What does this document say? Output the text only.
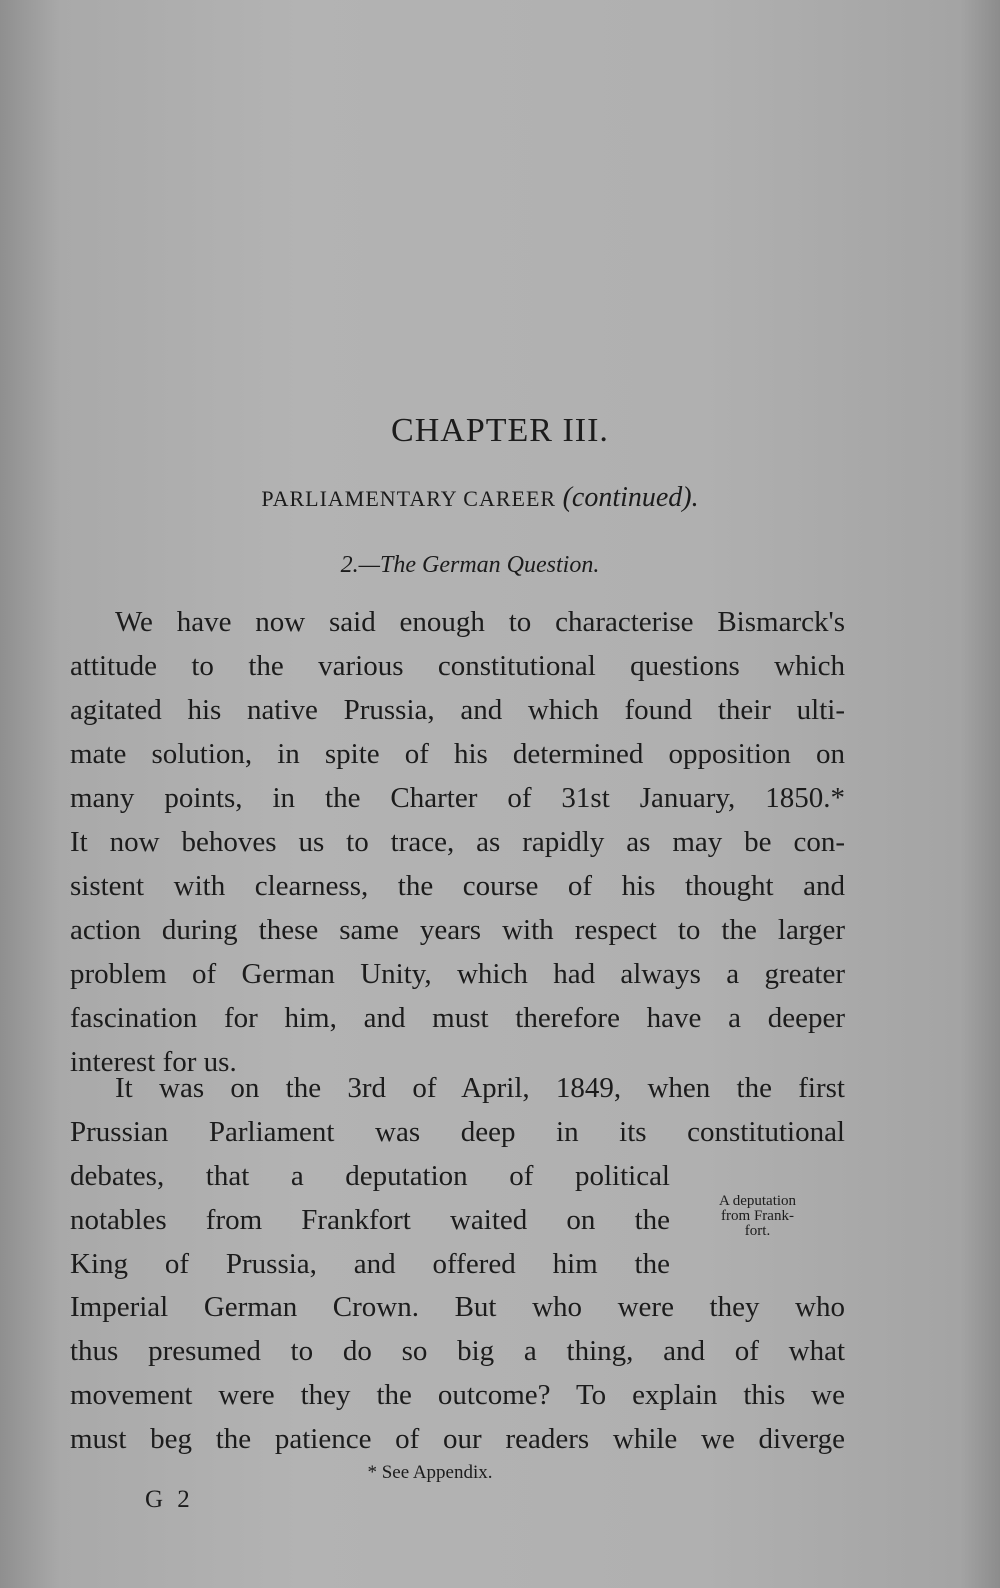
CHAPTER III.
PARLIAMENTARY CAREER (continued).
2.—The German Question.
We have now said enough to characterise Bismarck's
attitude to the various constitutional questions which
agitated his native Prussia, and which found their ulti-
mate solution, in spite of his determined opposition on
many points, in the Charter of 31st January, 1850.*
It now behoves us to trace, as rapidly as may be con-
sistent with clearness, the course of his thought and
action during these same years with respect to the larger
problem of German Unity, which had always a greater
fascination for him, and must therefore have a deeper
interest for us.
It was on the 3rd of April, 1849, when the first
Prussian Parliament was deep in its constitutional
debates, that a deputation of political
notables from Frankfort waited on the
King of Prussia, and offered him the
A deputation
from Frank-
fort.
Imperial German Crown. But who were they who
thus presumed to do so big a thing, and of what
movement were they the outcome? To explain this we
must beg the patience of our readers while we diverge
* See Appendix.
G 2
